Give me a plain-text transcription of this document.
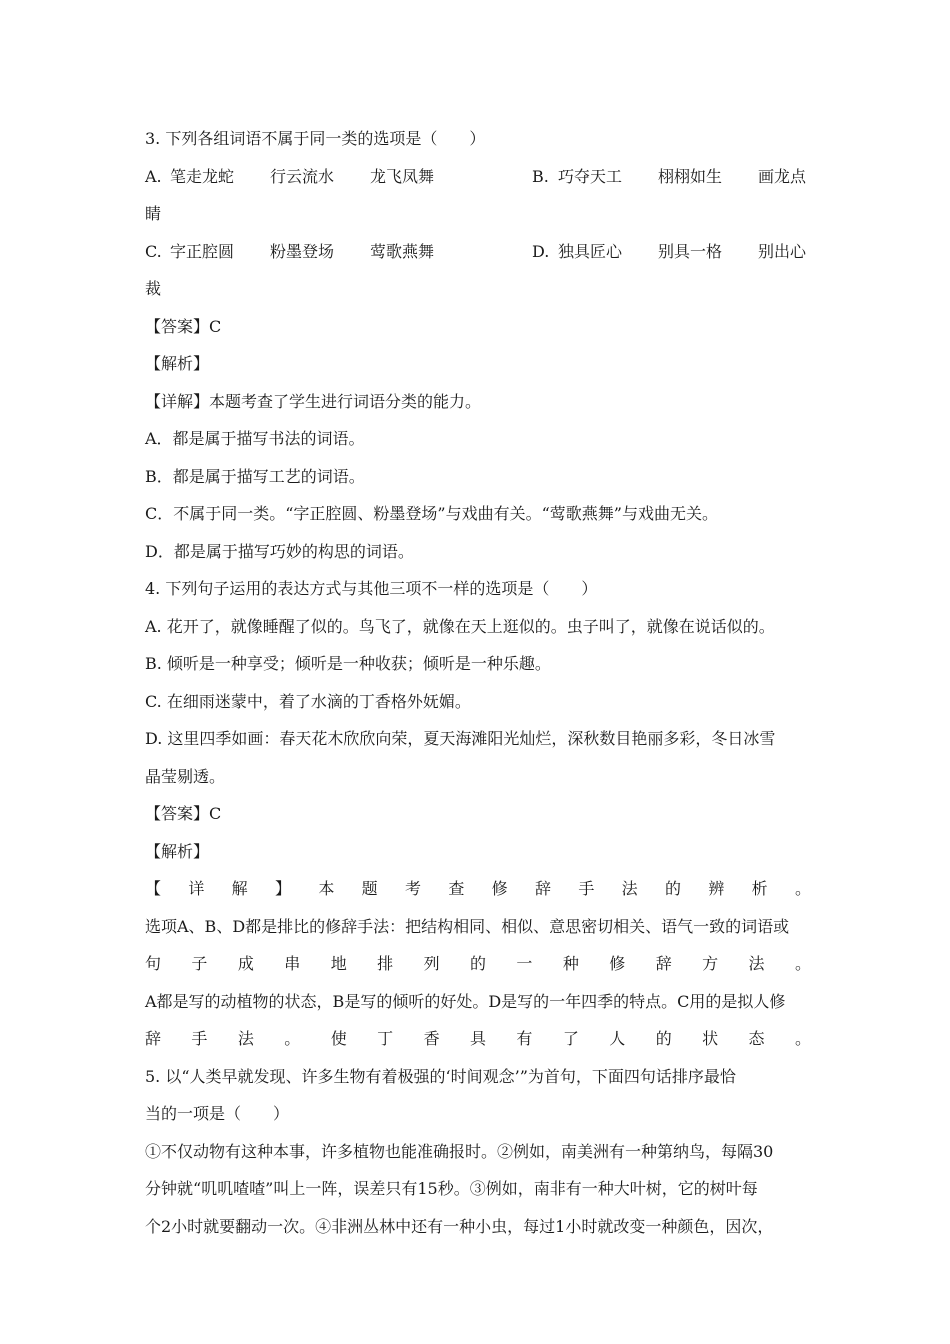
3. 下列各组词语不属于同一类的选项是（　　）
A. 笔走龙蛇 行云流水 龙飞凤舞	B. 巧夺天工 栩栩如生 画龙点
睛
C. 字正腔圆 粉墨登场 莺歌燕舞	D. 独具匠心 别具一格 别出心
裁
【答案】C
【解析】
【详解】本题考查了学生进行词语分类的能力。
A．都是属于描写书法的词语。
B．都是属于描写工艺的词语。
C．不属于同一类。“字正腔圆、粉墨登场”与戏曲有关。“莺歌燕舞”与戏曲无关。
D．都是属于描写巧妙的构思的词语。
4. 下列句子运用的表达方式与其他三项不一样的选项是（　　）
A. 花开了，就像睡醒了似的。鸟飞了，就像在天上逛似的。虫子叫了，就像在说话似的。
B. 倾听是一种享受；倾听是一种收获；倾听是一种乐趣。
C. 在细雨迷蒙中，着了水滴的丁香格外妩媚。
D. 这里四季如画：春天花木欣欣向荣，夏天海滩阳光灿烂，深秋数目艳丽多彩，冬日冰雪
晶莹剔透。
【答案】C
【解析】
【详解】本题考查修辞手法的辨析。
选项A、B、D都是排比的修辞手法：把结构相同、相似、意思密切相关、语气一致的词语或
句子成串地排列的一种修辞方法。
A都是写的动植物的状态，B是写的倾听的好处。D是写的一年四季的特点。C用的是拟人修
辞手法。使丁香具有了人的状态。
5. 以“人类早就发现、许多生物有着极强的‘时间观念’”为首句，下面四句话排序最恰
当的一项是（　　）
①不仅动物有这种本事，许多植物也能准确报时。②例如，南美洲有一种第纳鸟，每隔30
分钟就“叽叽喳喳”叫上一阵，误差只有15秒。③例如，南非有一种大叶树，它的树叶每
个2小时就要翻动一次。④非洲丛林中还有一种小虫，每过1小时就改变一种颜色，因次，
